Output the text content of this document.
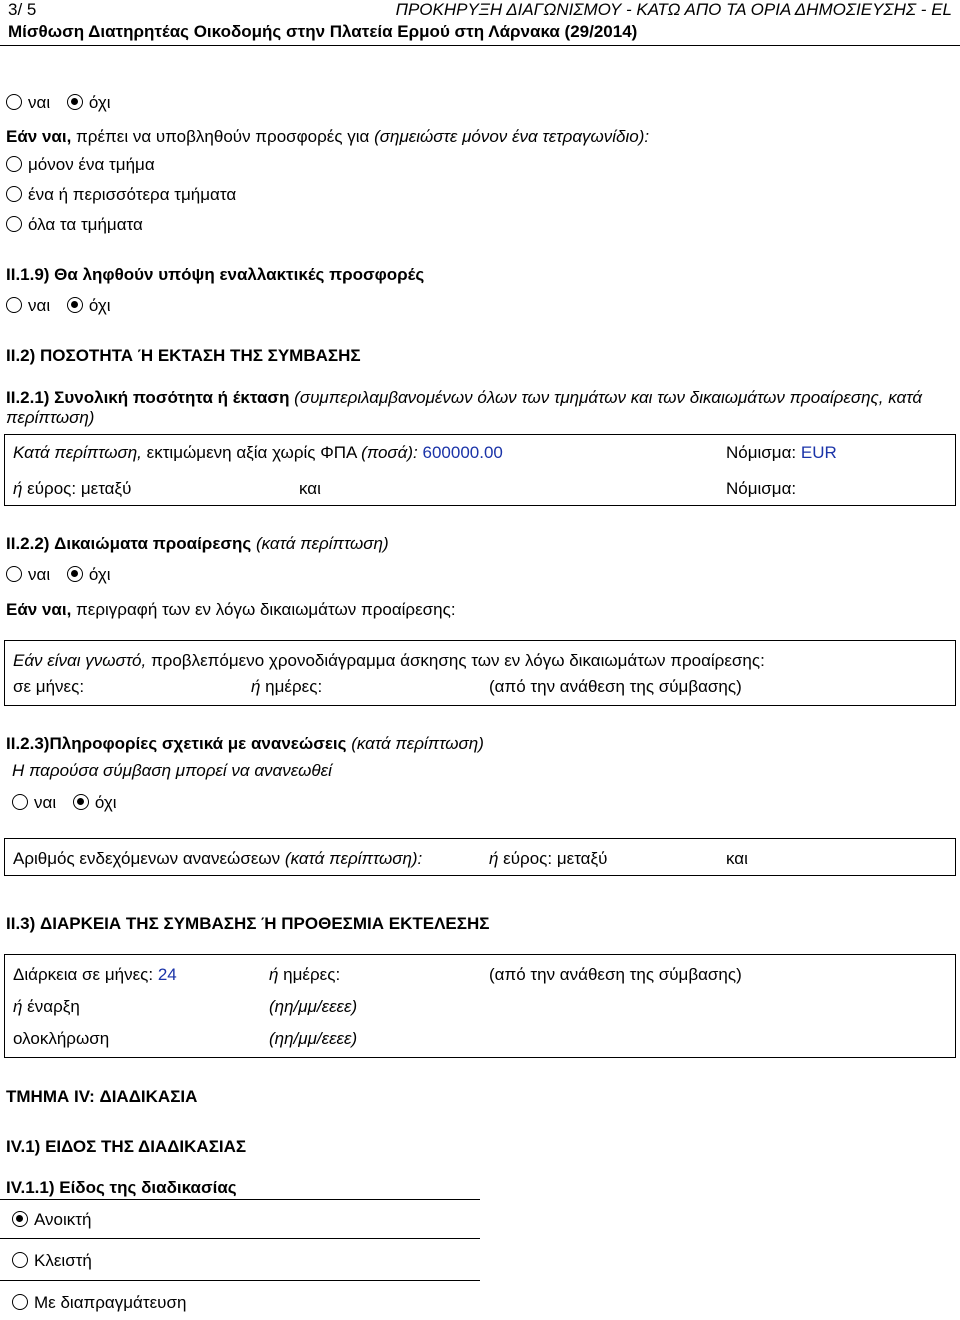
3/ 5	ΠΡΟΚΗΡΥΞΗ ΔΙΑΓΩΝΙΣΜΟΥ - ΚΑΤΩ ΑΠΟ ΤΑ ΟΡΙΑ ΔΗΜΟΣΙΕΥΣΗΣ - EL
Μίσθωση Διατηρητέας Οικοδομής στην Πλατεία Ερμού στη Λάρνακα (29/2014)
ναι όχι
Εάν ναι, πρέπει να υποβληθούν προσφορές για (σημειώστε μόνον ένα τετραγωνίδιο):
μόνον ένα τμήμα
ένα ή περισσότερα τμήματα
όλα τα τμήματα
II.1.9) Θα ληφθούν υπόψη εναλλακτικές προσφορές
ναι όχι
II.2) ΠΟΣΟΤΗΤΑ Ή ΕΚΤΑΣΗ ΤΗΣ ΣΥΜΒΑΣΗΣ
II.2.1) Συνολική ποσότητα ή έκταση (συμπεριλαμβανομένων όλων των τμημάτων και των δικαιωμάτων προαίρεσης, κατά
περίπτωση)
Κατά περίπτωση, εκτιμώμενη αξία χωρίς ΦΠΑ (ποσά): 600000.00	Νόμισμα: EUR
ή εύρος: μεταξύ	και	Νόμισμα:
II.2.2) Δικαιώματα προαίρεσης (κατά περίπτωση)
ναι όχι
Εάν ναι, περιγραφή των εν λόγω δικαιωμάτων προαίρεσης:
Εάν είναι γνωστό, προβλεπόμενο χρονοδιάγραμμα άσκησης των εν λόγω δικαιωμάτων προαίρεσης:
σε μήνες:	ή ημέρες:	(από την ανάθεση της σύμβασης)
II.2.3)Πληροφορίες σχετικά με ανανεώσεις (κατά περίπτωση)
Η παρούσα σύμβαση μπορεί να ανανεωθεί
ναι όχι
Αριθμός ενδεχόμενων ανανεώσεων (κατά περίπτωση):	ή εύρος: μεταξύ	και
II.3) ΔΙΑΡΚΕΙΑ ΤΗΣ ΣΥΜΒΑΣΗΣ Ή ΠΡΟΘΕΣΜΙΑ ΕΚΤΕΛΕΣΗΣ
Διάρκεια σε μήνες: 24	ή ημέρες:	(από την ανάθεση της σύμβασης)
ή έναρξη	(ηη/μμ/εεεε)
ολοκλήρωση	(ηη/μμ/εεεε)
ΤΜΗΜΑ IV: ΔΙΑΔΙΚΑΣΙΑ
IV.1) ΕΙΔΟΣ ΤΗΣ ΔΙΑΔΙΚΑΣΙΑΣ
IV.1.1) Είδος της διαδικασίας
Ανοικτή
Κλειστή
Με διαπραγμάτευση
